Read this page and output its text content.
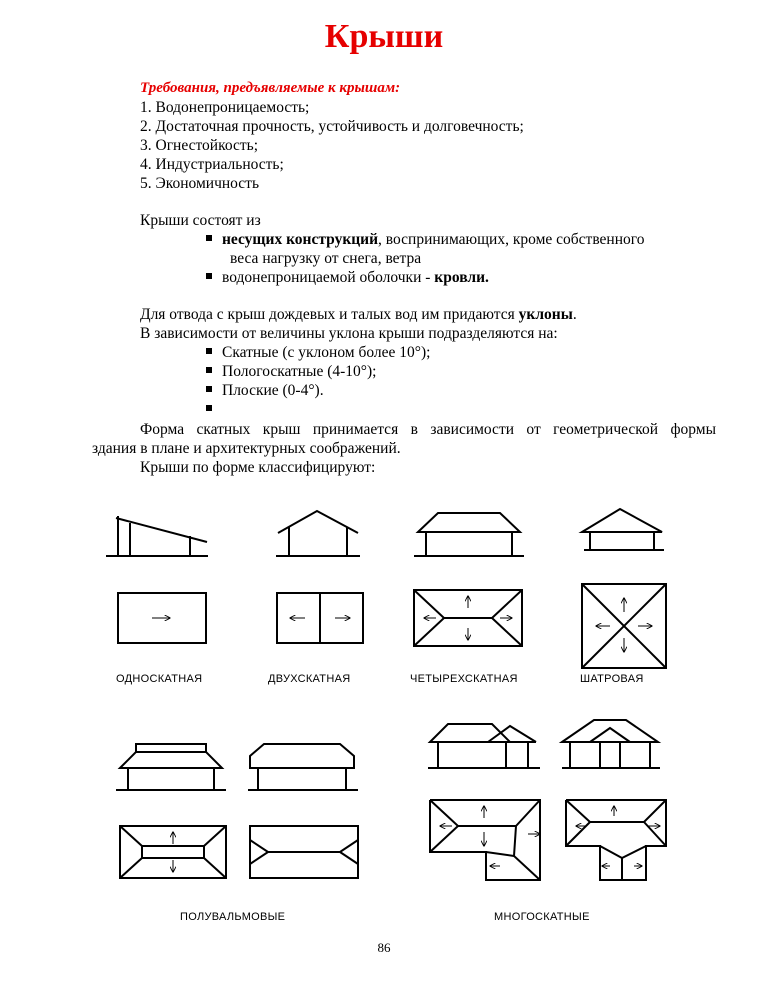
Крыши
Требования, предъявляемые к крышам:
1. Водонепроницаемость;
2. Достаточная прочность, устойчивость и долговечность;
3. Огнестойкость;
4. Индустриальность;
5. Экономичность
Крыши состоят из
несущих конструкций, воспринимающих, кроме собственного
веса нагрузку от снега, ветра
водонепроницаемой оболочки - кровли.
Для отвода с крыш дождевых и талых вод им придаются уклоны.
В зависимости от величины уклона крыши подразделяются на:
Скатные (с уклоном более 10°);
Пологоскатные (4-10°);
Плоские (0-4°).
Форма скатных крыш принимается в зависимости от геометрической формы
здания в плане и архитектурных соображений.
Крыши по форме классифицируют:
ОДНОСКАТНАЯ	ДВУХСКАТНАЯ	ЧЕТЫРЕХСКАТНАЯ	ШАТРОВАЯ
ПОЛУВАЛЬМОВЫЕ	МНОГОСКАТНЫЕ
86
